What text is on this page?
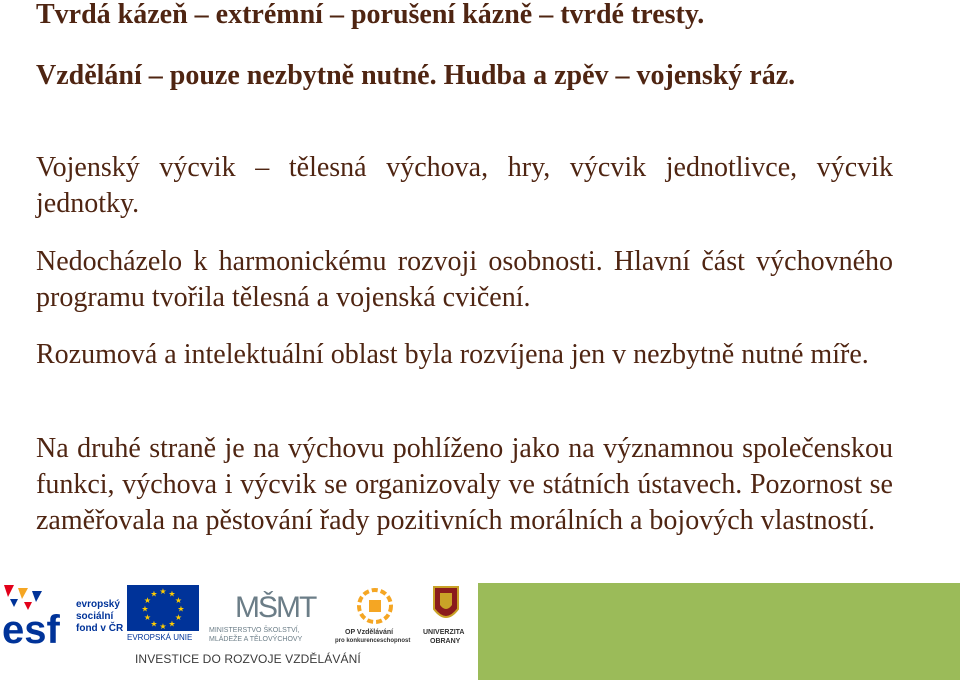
Tvrdá kázeň – extrémní – porušení kázně – tvrdé tresty.

Vzdělání – pouze nezbytně nutné. Hudba a zpěv – vojenský ráz.

Vojenský výcvik – tělesná výchova, hry, výcvik jednotlivce, výcvik jednotky.

Nedocházelo k harmonickému rozvoji osobnosti. Hlavní část výchovného programu tvořila tělesná a vojenská cvičení.

Rozumová a intelektuální oblast byla rozvíjena jen v nezbytně nutné míře.

Na druhé straně je na výchovu pohlíženo jako na významnou společenskou funkci, výchova i výcvik se organizovaly ve státních ústavech. Pozornost se zaměřovala na pěstování řady pozitivních morálních a bojových vlastností.

esf
evropský
sociální
fond v ČR
★ ★
★
★
★
★
★
★
★
★
★
★
EVROPSKÁ UNIE
MŠMT
MINISTERSTVO ŠKOLSTVÍ,
MLÁDEŽE A TĚLOVÝCHOVY
OP Vzdělávání
pro konkurenceschopnost
UNIVERZITA
OBRANY
INVESTICE DO ROZVOJE VZDĚLÁVÁNÍ
